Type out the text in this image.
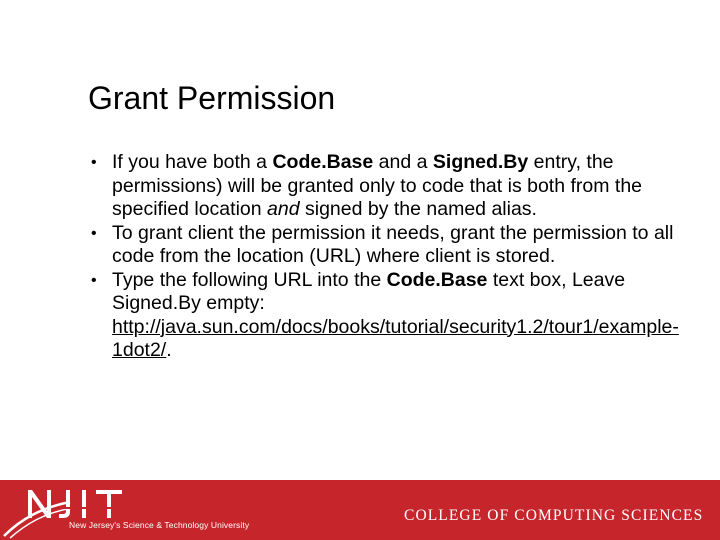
Grant Permission
• If you have both a Code.Base and a Signed.By entry, the permissions) will be granted only to code that is both from the specified location and signed by the named alias.
• To grant client the permission it needs, grant the permission to all code from the location (URL) where client is stored.
• Type the following URL into the Code.Base text box, Leave Signed.By empty:
http://java.sun.com/docs/books/tutorial/security1.2/tour1/example-1dot2/.
New Jersey's Science & Technology University
COLLEGE OF COMPUTING SCIENCES
